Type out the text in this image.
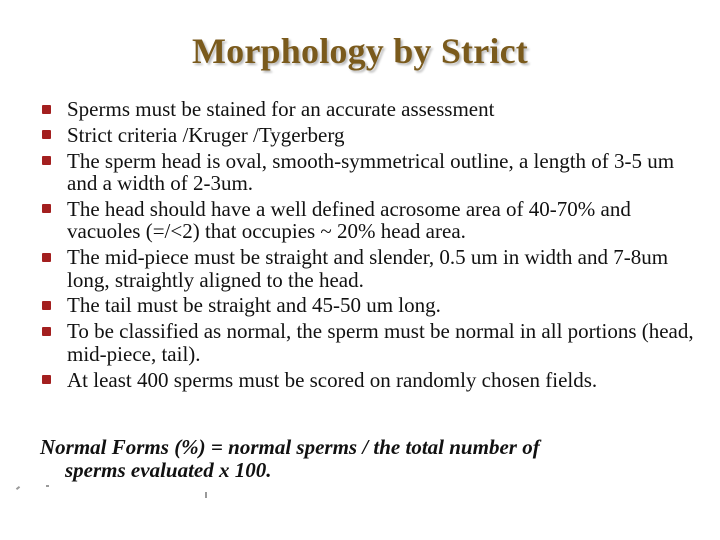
Morphology by Strict
Sperms must be stained for an accurate assessment
Strict criteria /Kruger /Tygerberg
The sperm head is oval, smooth-symmetrical outline, a length of 3-5 um and a width of 2-3um.
The head should have a well defined acrosome area of 40-70% and vacuoles (=/<2) that occupies ~ 20% head area.
The mid-piece must be straight and slender, 0.5 um in width and 7-8um long, straightly aligned to the head.
The tail must be straight and 45-50 um long.
To be classified as normal, the sperm must be normal in all portions (head, mid-piece, tail).
At least 400 sperms must be scored on randomly chosen fields.
Normal Forms (%) = normal sperms / the total number of
sperms evaluated x 100.
